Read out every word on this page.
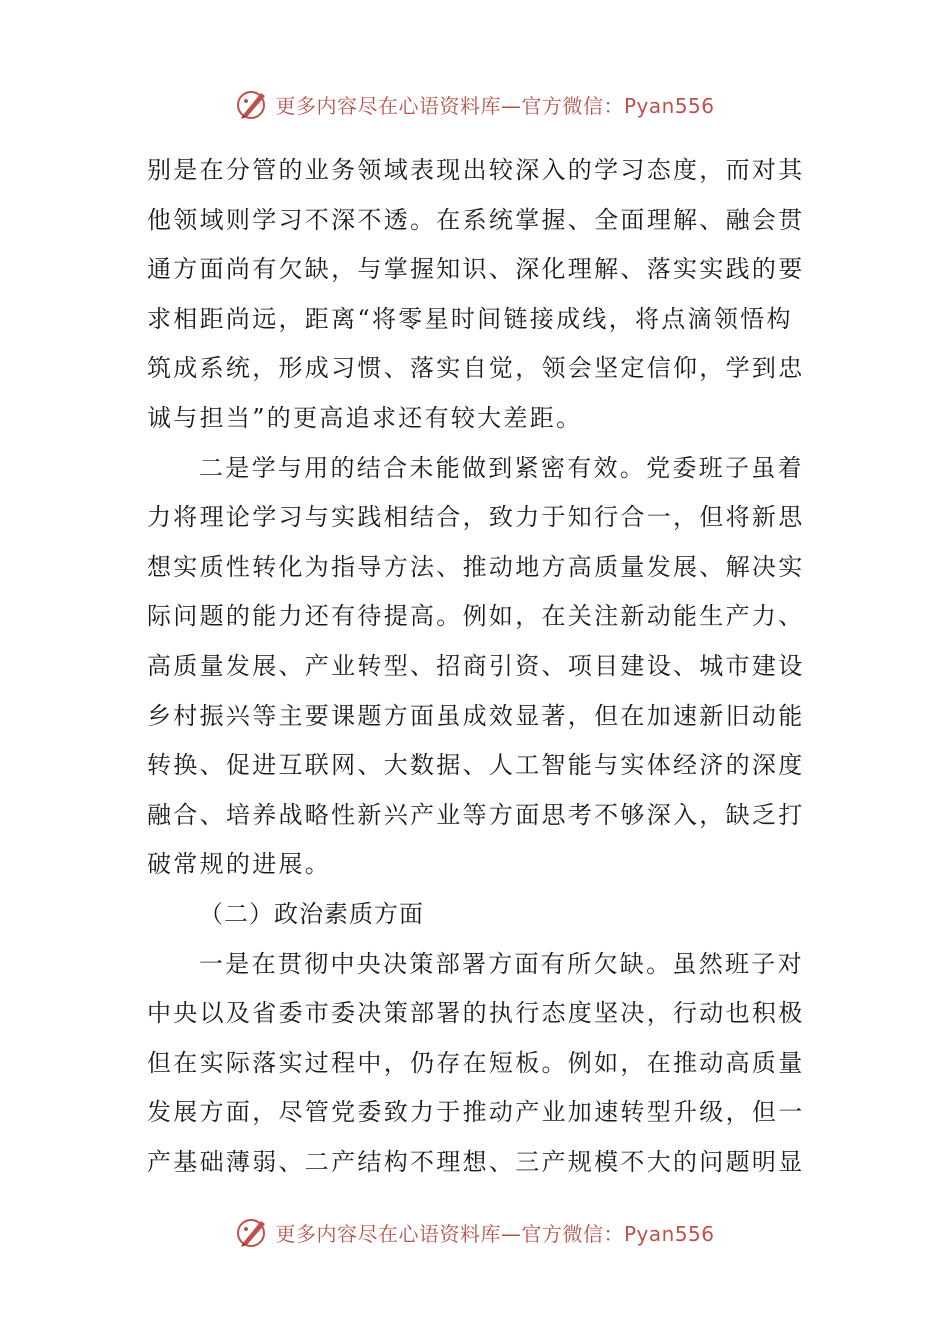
更多内容尽在心语资料库—官方微信：Pyan556
别是在分管的业务领域表现出较深入的学习态度，而对其
他领域则学习不深不透。在系统掌握、全面理解、融会贯
通方面尚有欠缺，与掌握知识、深化理解、落实实践的要
求相距尚远，距离“将零星时间链接成线，将点滴领悟构
筑成系统，形成习惯、落实自觉，领会坚定信仰，学到忠
诚与担当”的更高追求还有较大差距。
二是学与用的结合未能做到紧密有效。党委班子虽着
力将理论学习与实践相结合，致力于知行合一，但将新思
想实质性转化为指导方法、推动地方高质量发展、解决实
际问题的能力还有待提高。例如，在关注新动能生产力、
高质量发展、产业转型、招商引资、项目建设、城市建设
乡村振兴等主要课题方面虽成效显著，但在加速新旧动能
转换、促进互联网、大数据、人工智能与实体经济的深度
融合、培养战略性新兴产业等方面思考不够深入，缺乏打
破常规的进展。
（二）政治素质方面
一是在贯彻中央决策部署方面有所欠缺。虽然班子对
中央以及省委市委决策部署的执行态度坚决，行动也积极
但在实际落实过程中，仍存在短板。例如，在推动高质量
发展方面，尽管党委致力于推动产业加速转型升级，但一
产基础薄弱、二产结构不理想、三产规模不大的问题明显
更多内容尽在心语资料库—官方微信：Pyan556
